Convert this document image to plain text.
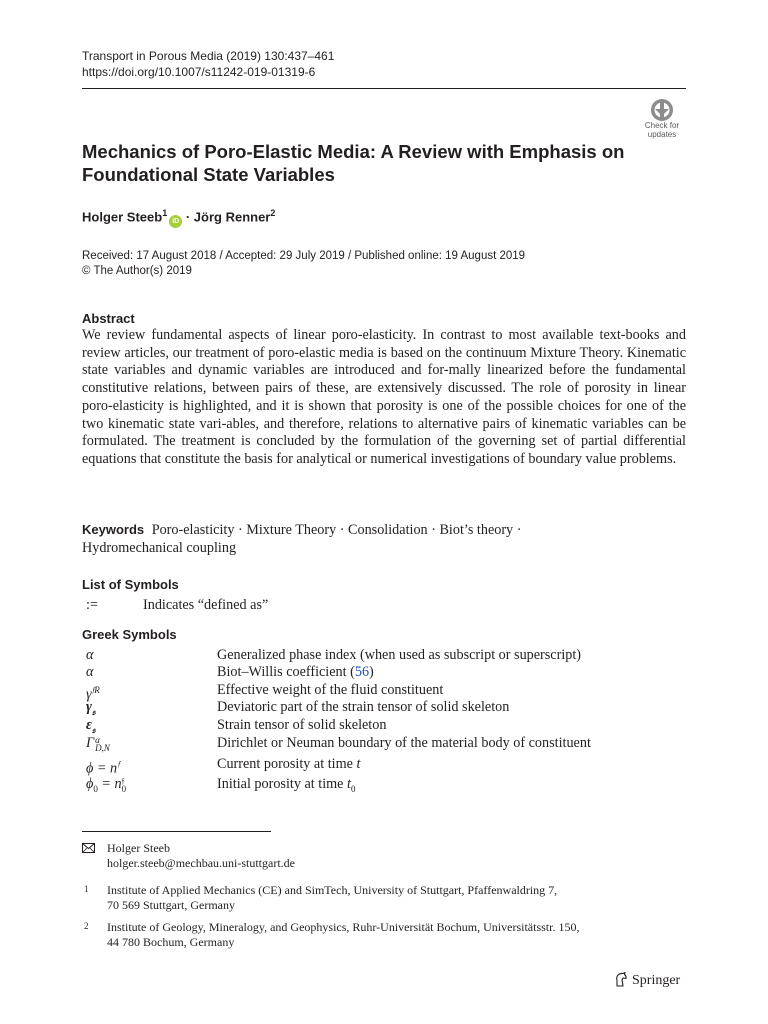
Transport in Porous Media (2019) 130:437–461
https://doi.org/10.1007/s11242-019-01319-6
Check for
updates
Mechanics of Poro-Elastic Media: A Review with Emphasis on Foundational State Variables
Holger Steeb$^1$iD · Jörg Renner$^2$
Received: 17 August 2018 / Accepted: 29 July 2019 / Published online: 19 August 2019
© The Author(s) 2019
Abstract
We review fundamental aspects of linear poro-elasticity. In contrast to most available text-books and review articles, our treatment of poro-elastic media is based on the continuum Mixture Theory. Kinematic state variables and dynamic variables are introduced and for-mally linearized before the fundamental constitutive relations, between pairs of these, are extensively discussed. The role of porosity in linear poro-elasticity is highlighted, and it is shown that porosity is one of the possible choices for one of the two kinematic state vari-ables, and therefore, relations to alternative pairs of kinematic variables can be formulated. The treatment is concluded by the formulation of the governing set of partial differential equations that constitute the basis for analytical or numerical investigations of boundary value problems.
Keywords Poro-elasticity · Mixture Theory · Consolidation · Biot’s theory ·
Hydromechanical coupling
List of Symbols
:=	Indicates “defined as”
Greek Symbols
α	Generalized phase index (when used as subscript or superscript)
α	Biot–Willis coefficient (56)
$\gamma^{𝔣R}$	Effective weight of the fluid constituent
$\gamma_𝔰$	Deviatoric part of the strain tensor of solid skeleton
$\varepsilon_𝔰$	Strain tensor of solid skeleton
Γ α
D,N	Dirichlet or Neuman boundary of the material body of constituent
$\phi = n^𝔣$	Current porosity at time t
$\phi_0 = n$ 𝔣
0	Initial porosity at time $t_0$
Holger Steeb
holger.steeb@mechbau.uni-stuttgart.de
1 Institute of Applied Mechanics (CE) and SimTech, University of Stuttgart, Pfaffenwaldring 7,
70 569 Stuttgart, Germany
2 Institute of Geology, Mineralogy, and Geophysics, Ruhr-Universität Bochum, Universitätsstr. 150,
44 780 Bochum, Germany
Springer
